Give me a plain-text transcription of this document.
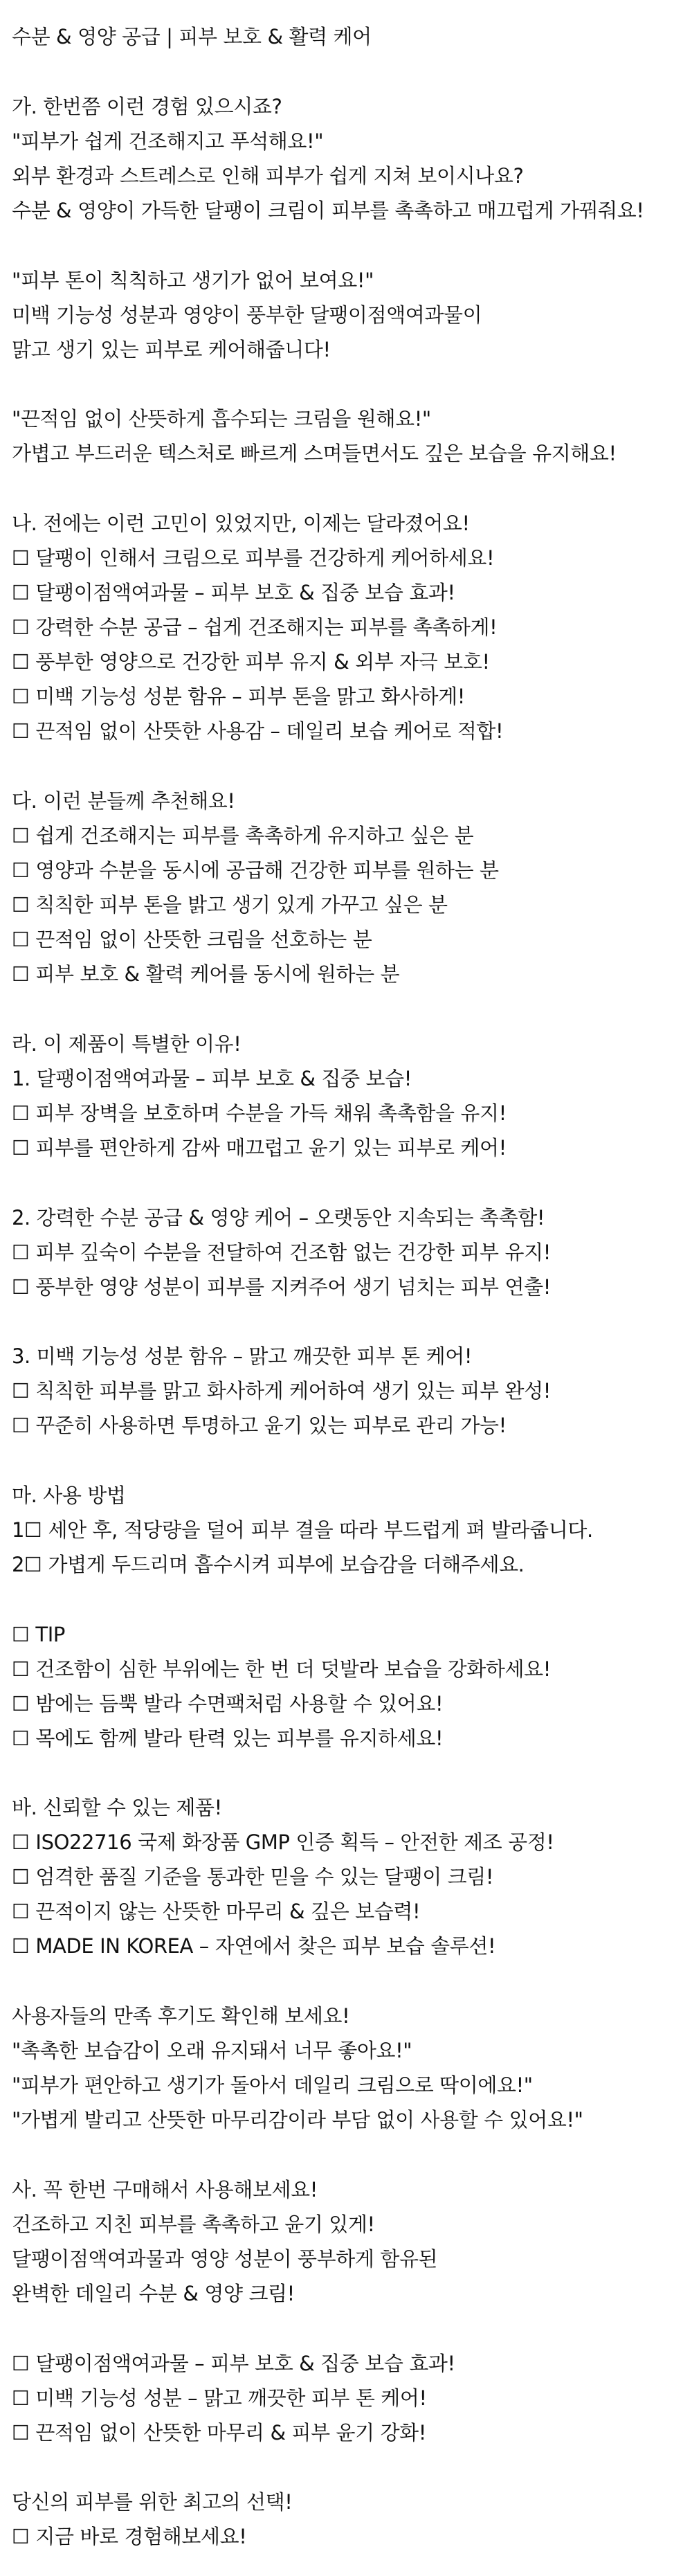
수분 & 영양 공급 | 피부 보호 & 활력 케어
가. 한번쯤 이런 경험 있으시죠?
"피부가 쉽게 건조해지고 푸석해요!"
외부 환경과 스트레스로 인해 피부가 쉽게 지쳐 보이시나요?
수분 & 영양이 가득한 달팽이 크림이 피부를 촉촉하고 매끄럽게 가꿔줘요!
"피부 톤이 칙칙하고 생기가 없어 보여요!"
미백 기능성 성분과 영양이 풍부한 달팽이점액여과물이
맑고 생기 있는 피부로 케어해줍니다!
"끈적임 없이 산뜻하게 흡수되는 크림을 원해요!"
가볍고 부드러운 텍스처로 빠르게 스며들면서도 깊은 보습을 유지해요!
나. 전에는 이런 고민이 있었지만, 이제는 달라졌어요!
☐ 달팽이 인해서 크림으로 피부를 건강하게 케어하세요!
☐ 달팽이점액여과물 – 피부 보호 & 집중 보습 효과!
☐ 강력한 수분 공급 – 쉽게 건조해지는 피부를 촉촉하게!
☐ 풍부한 영양으로 건강한 피부 유지 & 외부 자극 보호!
☐ 미백 기능성 성분 함유 – 피부 톤을 맑고 화사하게!
☐ 끈적임 없이 산뜻한 사용감 – 데일리 보습 케어로 적합!
다. 이런 분들께 추천해요!
☐ 쉽게 건조해지는 피부를 촉촉하게 유지하고 싶은 분
☐ 영양과 수분을 동시에 공급해 건강한 피부를 원하는 분
☐ 칙칙한 피부 톤을 밝고 생기 있게 가꾸고 싶은 분
☐ 끈적임 없이 산뜻한 크림을 선호하는 분
☐ 피부 보호 & 활력 케어를 동시에 원하는 분
라. 이 제품이 특별한 이유!
1. 달팽이점액여과물 – 피부 보호 & 집중 보습!
☐ 피부 장벽을 보호하며 수분을 가득 채워 촉촉함을 유지!
☐ 피부를 편안하게 감싸 매끄럽고 윤기 있는 피부로 케어!
2. 강력한 수분 공급 & 영양 케어 – 오랫동안 지속되는 촉촉함!
☐ 피부 깊숙이 수분을 전달하여 건조함 없는 건강한 피부 유지!
☐ 풍부한 영양 성분이 피부를 지켜주어 생기 넘치는 피부 연출!
3. 미백 기능성 성분 함유 – 맑고 깨끗한 피부 톤 케어!
☐ 칙칙한 피부를 맑고 화사하게 케어하여 생기 있는 피부 완성!
☐ 꾸준히 사용하면 투명하고 윤기 있는 피부로 관리 가능!
마. 사용 방법
1☐ 세안 후, 적당량을 덜어 피부 결을 따라 부드럽게 펴 발라줍니다.
2☐ 가볍게 두드리며 흡수시켜 피부에 보습감을 더해주세요.
☐ TIP
☐ 건조함이 심한 부위에는 한 번 더 덧발라 보습을 강화하세요!
☐ 밤에는 듬뿍 발라 수면팩처럼 사용할 수 있어요!
☐ 목에도 함께 발라 탄력 있는 피부를 유지하세요!
바. 신뢰할 수 있는 제품!
☐ ISO22716 국제 화장품 GMP 인증 획득 – 안전한 제조 공정!
☐ 엄격한 품질 기준을 통과한 믿을 수 있는 달팽이 크림!
☐ 끈적이지 않는 산뜻한 마무리 & 깊은 보습력!
☐ MADE IN KOREA – 자연에서 찾은 피부 보습 솔루션!
사용자들의 만족 후기도 확인해 보세요!
"촉촉한 보습감이 오래 유지돼서 너무 좋아요!"
"피부가 편안하고 생기가 돌아서 데일리 크림으로 딱이에요!"
"가볍게 발리고 산뜻한 마무리감이라 부담 없이 사용할 수 있어요!"
사. 꼭 한번 구매해서 사용해보세요!
건조하고 지친 피부를 촉촉하고 윤기 있게!
달팽이점액여과물과 영양 성분이 풍부하게 함유된
완벽한 데일리 수분 & 영양 크림!
☐ 달팽이점액여과물 – 피부 보호 & 집중 보습 효과!
☐ 미백 기능성 성분 – 맑고 깨끗한 피부 톤 케어!
☐ 끈적임 없이 산뜻한 마무리 & 피부 윤기 강화!
당신의 피부를 위한 최고의 선택!
☐ 지금 바로 경험해보세요!
